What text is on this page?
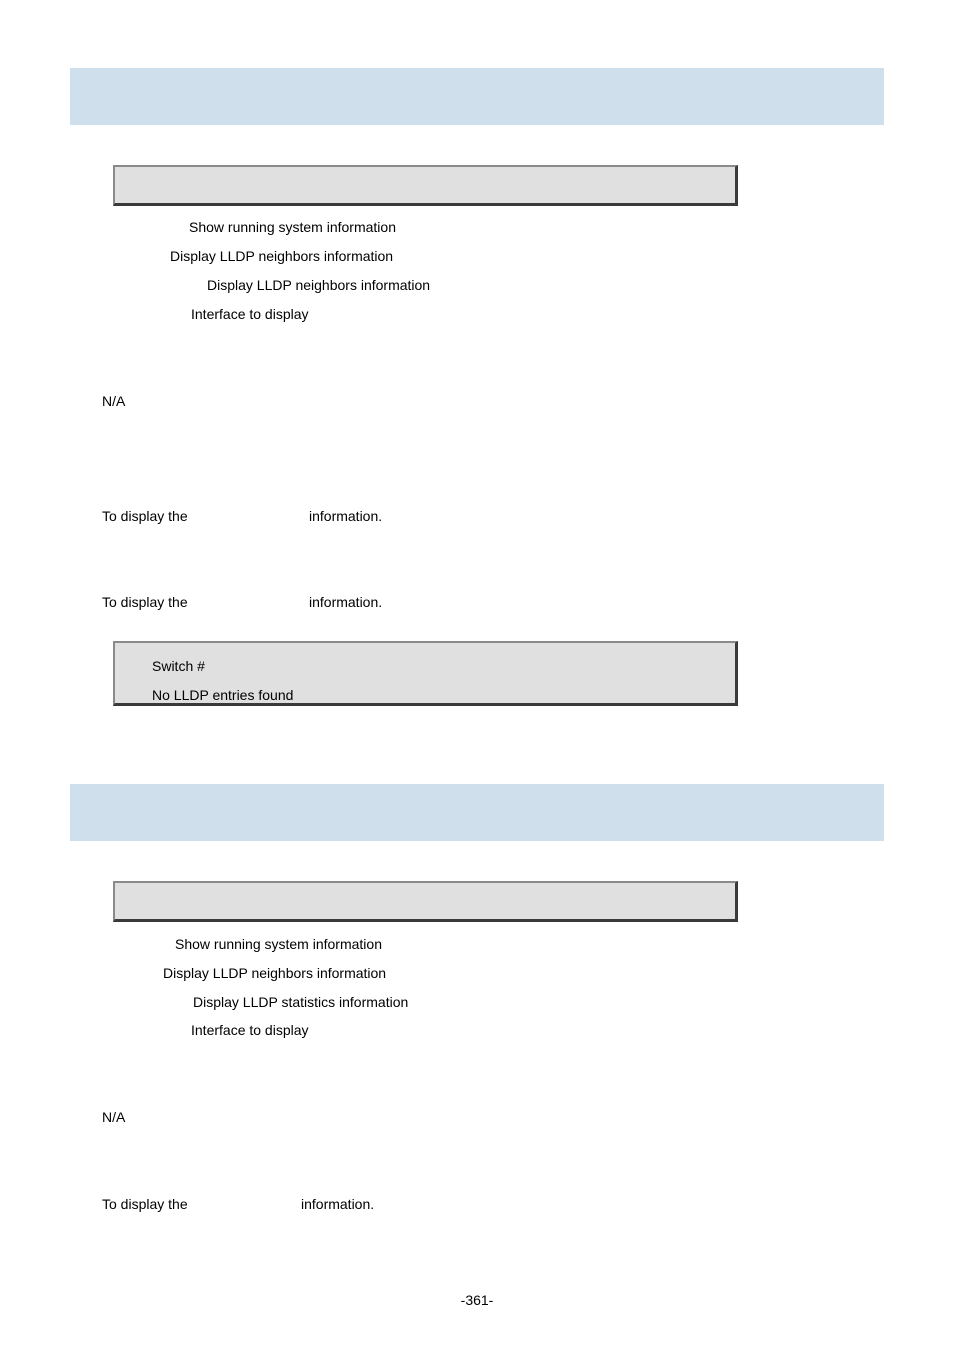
Show running system information
Display LLDP neighbors information
Display LLDP neighbors information
Interface to display
N/A
To display the	information.
To display the	information.
Switch #
No LLDP entries found
Show running system information
Display LLDP neighbors information
Display LLDP statistics information
Interface to display
N/A
To display the	information.
-361-
